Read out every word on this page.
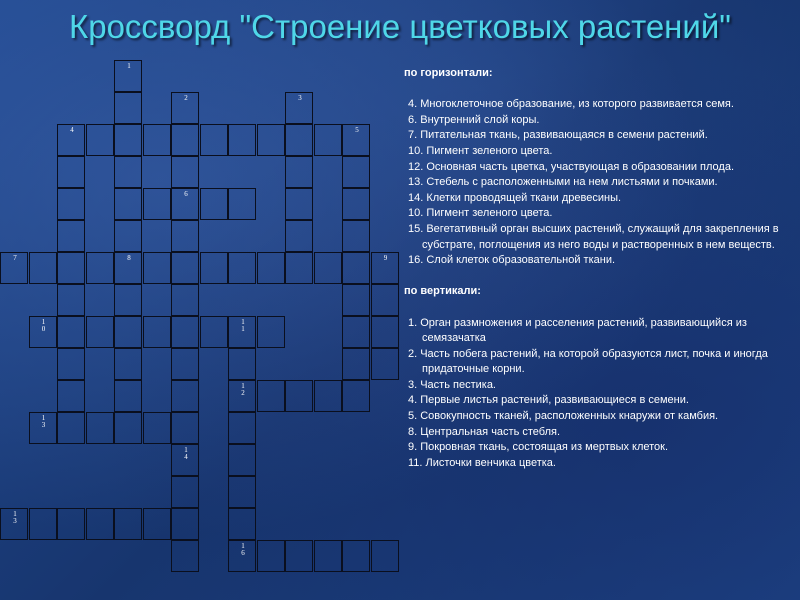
Кроссворд "Строение цветковых растений"
4	5
6
7	8	9
10
11
12
13
13
16
1
2
14
3

по горизонтали:

4. Многоклеточное образование, из которого развивается семя.
6. Внутренний слой коры.
7. Питательная ткань, развивающаяся в семени растений.
10. Пигмент зеленого цвета.
12. Основная часть цветка, участвующая в образовании плода.
13. Стебель с расположенными на нем листьями и почками.
14. Клетки проводящей ткани древесины.
10. Пигмент зеленого цвета.
15. Вегетативный орган высших растений, служащий для закрепления в субстрате, поглощения из него воды и растворенных в нем веществ.
16. Слой клеток образовательной ткани.

по вертикали:

1. Орган размножения и расселения растений, развивающийся из семязачатка
2. Часть побега растений, на которой образуются лист, почка и иногда придаточные корни.
3. Часть пестика.
4. Первые листья растений, развивающиеся в семени.
5. Совокупность тканей, расположенных кнаружи от камбия.
8. Центральная часть стебля.
9. Покровная ткань, состоящая из мертвых клеток.
11. Листочки венчика цветка.
